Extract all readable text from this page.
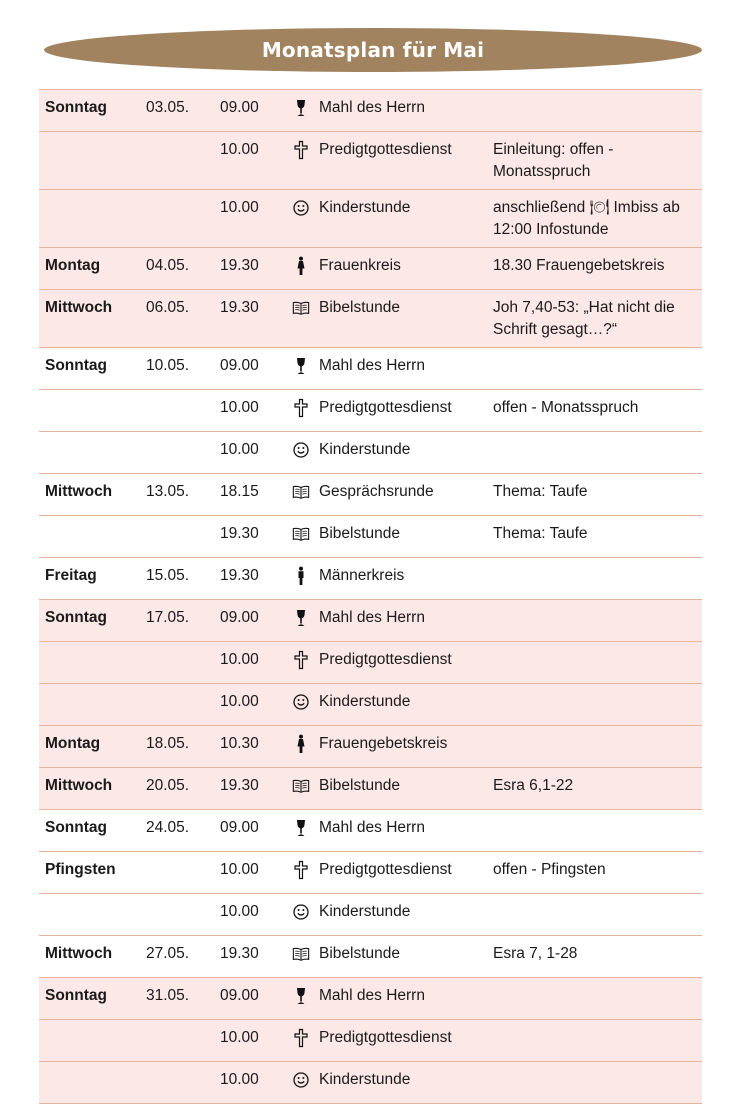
Monatsplan für Mai
Sonntag	03.05.	09.00	Mahl des Herrn
10.00	Predigtgottesdienst	Einleitung: offen - Monatsspruch
10.00	Kinderstunde	anschließend 🍽 Imbiss ab 12:00 Infostunde
Montag	04.05.	19.30	Frauenkreis	18.30 Frauengebetskreis
Mittwoch	06.05.	19.30	Bibelstunde	Joh 7,40-53: „Hat nicht die Schrift gesagt…?“
Sonntag	10.05.	09.00	Mahl des Herrn
10.00	Predigtgottesdienst	offen - Monatsspruch
10.00	Kinderstunde
Mittwoch	13.05.	18.15	Gesprächsrunde	Thema: Taufe
19.30	Bibelstunde	Thema: Taufe
Freitag	15.05.	19.30	Männerkreis
Sonntag	17.05.	09.00	Mahl des Herrn
10.00	Predigtgottesdienst
10.00	Kinderstunde
Montag	18.05.	10.30	Frauengebetskreis
Mittwoch	20.05.	19.30	Bibelstunde	Esra 6,1-22
Sonntag	24.05.	09.00	Mahl des Herrn
Pfingsten	10.00	Predigtgottesdienst	offen - Pfingsten
10.00	Kinderstunde
Mittwoch	27.05.	19.30	Bibelstunde	Esra 7, 1-28
Sonntag	31.05.	09.00	Mahl des Herrn
10.00	Predigtgottesdienst
10.00	Kinderstunde
